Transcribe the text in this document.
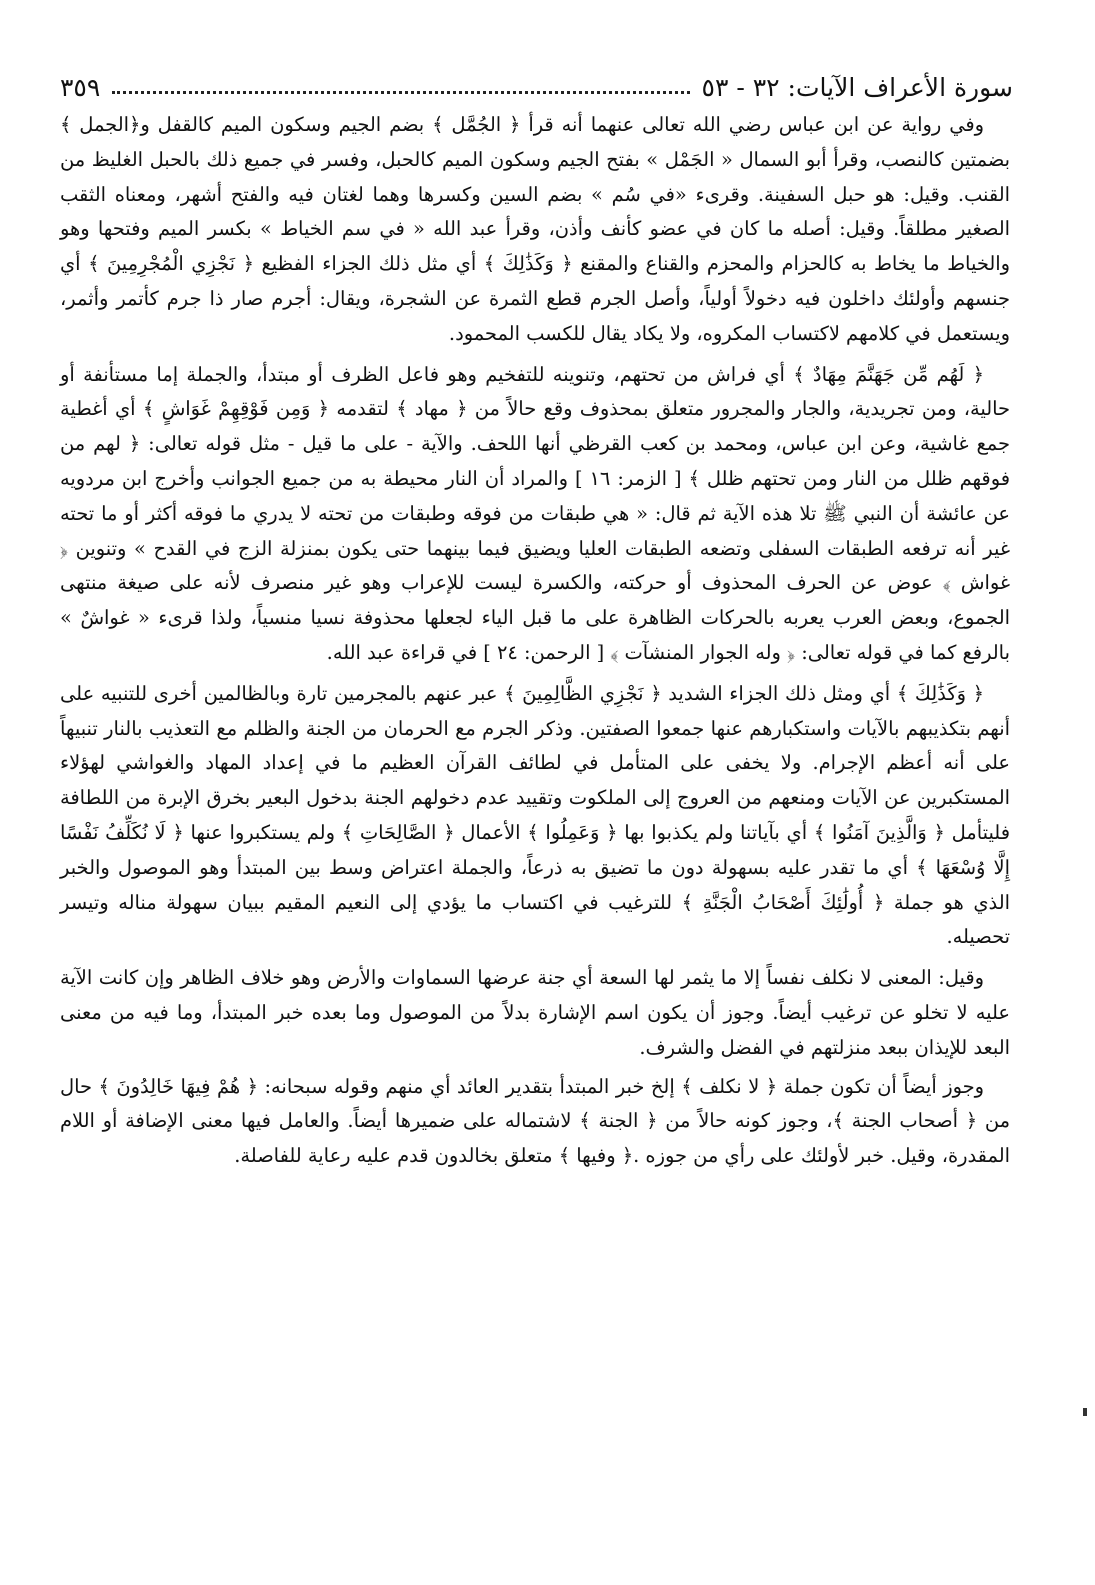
سورة الأعراف الآيات: ٣٢ - ٥٣
٣٥٩

وفي رواية عن ابن عباس رضي الله تعالى عنهما أنه قرأ ﴿ الجُمَّل ﴾ بضم الجيم وسكون الميم كالقفل و﴿الجمل ﴾ بضمتين كالنصب، وقرأ أبو السمال « الجَمْل » بفتح الجيم وسكون الميم كالحبل، وفسر في جميع ذلك بالحبل الغليظ من القنب. وقيل: هو حبل السفينة. وقرىء «في سُم » بضم السين وكسرها وهما لغتان فيه والفتح أشهر، ومعناه الثقب الصغير مطلقاً. وقيل: أصله ما كان في عضو كأنف وأذن، وقرأ عبد الله « في سم الخياط » بكسر الميم وفتحها وهو والخياط ما يخاط به كالحزام والمحزم والقناع والمقنع ﴿ وَكَذَٰلِكَ ﴾ أي مثل ذلك الجزاء الفظيع ﴿ نَجْزِي الْمُجْرِمِينَ ﴾ أي جنسهم وأولئك داخلون فيه دخولاً أولياً، وأصل الجرم قطع الثمرة عن الشجرة، ويقال: أجرم صار ذا جرم كأتمر وأثمر، ويستعمل في كلامهم لاكتساب المكروه، ولا يكاد يقال للكسب المحمود.

﴿ لَهُم مِّن جَهَنَّمَ مِهَادٌ ﴾ أي فراش من تحتهم، وتنوينه للتفخيم وهو فاعل الظرف أو مبتدأ، والجملة إما مستأنفة أو حالية، ومن تجريدية، والجار والمجرور متعلق بمحذوف وقع حالاً من ﴿ مهاد ﴾ لتقدمه ﴿ وَمِن فَوْقِهِمْ غَوَاشٍ ﴾ أي أغطية جمع غاشية، وعن ابن عباس، ومحمد بن كعب القرظي أنها اللحف. والآية - على ما قيل - مثل قوله تعالى: ﴿ لهم من فوقهم ظلل من النار ومن تحتهم ظلل ﴾ [ الزمر: ١٦ ] والمراد أن النار محيطة به من جميع الجوانب وأخرج ابن مردويه عن عائشة أن النبي ﷺ تلا هذه الآية ثم قال: « هي طبقات من فوقه وطبقات من تحته لا يدري ما فوقه أكثر أو ما تحته غير أنه ترفعه الطبقات السفلى وتضعه الطبقات العليا ويضيق فيما بينهما حتى يكون بمنزلة الزج في القدح » وتنوين ﴿ غواش ﴾ عوض عن الحرف المحذوف أو حركته، والكسرة ليست للإعراب وهو غير منصرف لأنه على صيغة منتهى الجموع، وبعض العرب يعربه بالحركات الظاهرة على ما قبل الياء لجعلها محذوفة نسيا منسياً، ولذا قرىء « غواشٌ » بالرفع كما في قوله تعالى: ﴿ وله الجوار المنشآت ﴾ [ الرحمن: ٢٤ ] في قراءة عبد الله.

﴿ وَكَذَٰلِكَ ﴾ أي ومثل ذلك الجزاء الشديد ﴿ نَجْزِي الظَّالِمِينَ ﴾ عبر عنهم بالمجرمين تارة وبالظالمين أخرى للتنبيه على أنهم بتكذيبهم بالآيات واستكبارهم عنها جمعوا الصفتين. وذكر الجرم مع الحرمان من الجنة والظلم مع التعذيب بالنار تنبيهاً على أنه أعظم الإجرام. ولا يخفى على المتأمل في لطائف القرآن العظيم ما في إعداد المهاد والغواشي لهؤلاء المستكبرين عن الآيات ومنعهم من العروج إلى الملكوت وتقييد عدم دخولهم الجنة بدخول البعير بخرق الإبرة من اللطافة فليتأمل ﴿ وَالَّذِينَ آمَنُوا ﴾ أي بآياتنا ولم يكذبوا بها ﴿ وَعَمِلُوا ﴾ الأعمال ﴿ الصَّالِحَاتِ ﴾ ولم يستكبروا عنها ﴿ لَا نُكَلِّفُ نَفْسًا إِلَّا وُسْعَهَا ﴾ أي ما تقدر عليه بسهولة دون ما تضيق به ذرعاً، والجملة اعتراض وسط بين المبتدأ وهو الموصول والخبر الذي هو جملة ﴿ أُولَٰئِكَ أَصْحَابُ الْجَنَّةِ ﴾ للترغيب في اكتساب ما يؤدي إلى النعيم المقيم ببيان سهولة مناله وتيسر تحصيله.

وقيل: المعنى لا نكلف نفساً إلا ما يثمر لها السعة أي جنة عرضها السماوات والأرض وهو خلاف الظاهر وإن كانت الآية عليه لا تخلو عن ترغيب أيضاً. وجوز أن يكون اسم الإشارة بدلاً من الموصول وما بعده خبر المبتدأ، وما فيه من معنى البعد للإيذان ببعد منزلتهم في الفضل والشرف.

وجوز أيضاً أن تكون جملة ﴿ لا نكلف ﴾ إلخ خبر المبتدأ بتقدير العائد أي منهم وقوله سبحانه: ﴿ هُمْ فِيهَا خَالِدُونَ ﴾ حال من ﴿ أصحاب الجنة ﴾، وجوز كونه حالاً من ﴿ الجنة ﴾ لاشتماله على ضميرها أيضاً. والعامل فيها معنى الإضافة أو اللام المقدرة، وقيل. خبر لأولئك على رأي من جوزه .﴿ وفيها ﴾ متعلق بخالدون قدم عليه رعاية للفاصلة.
